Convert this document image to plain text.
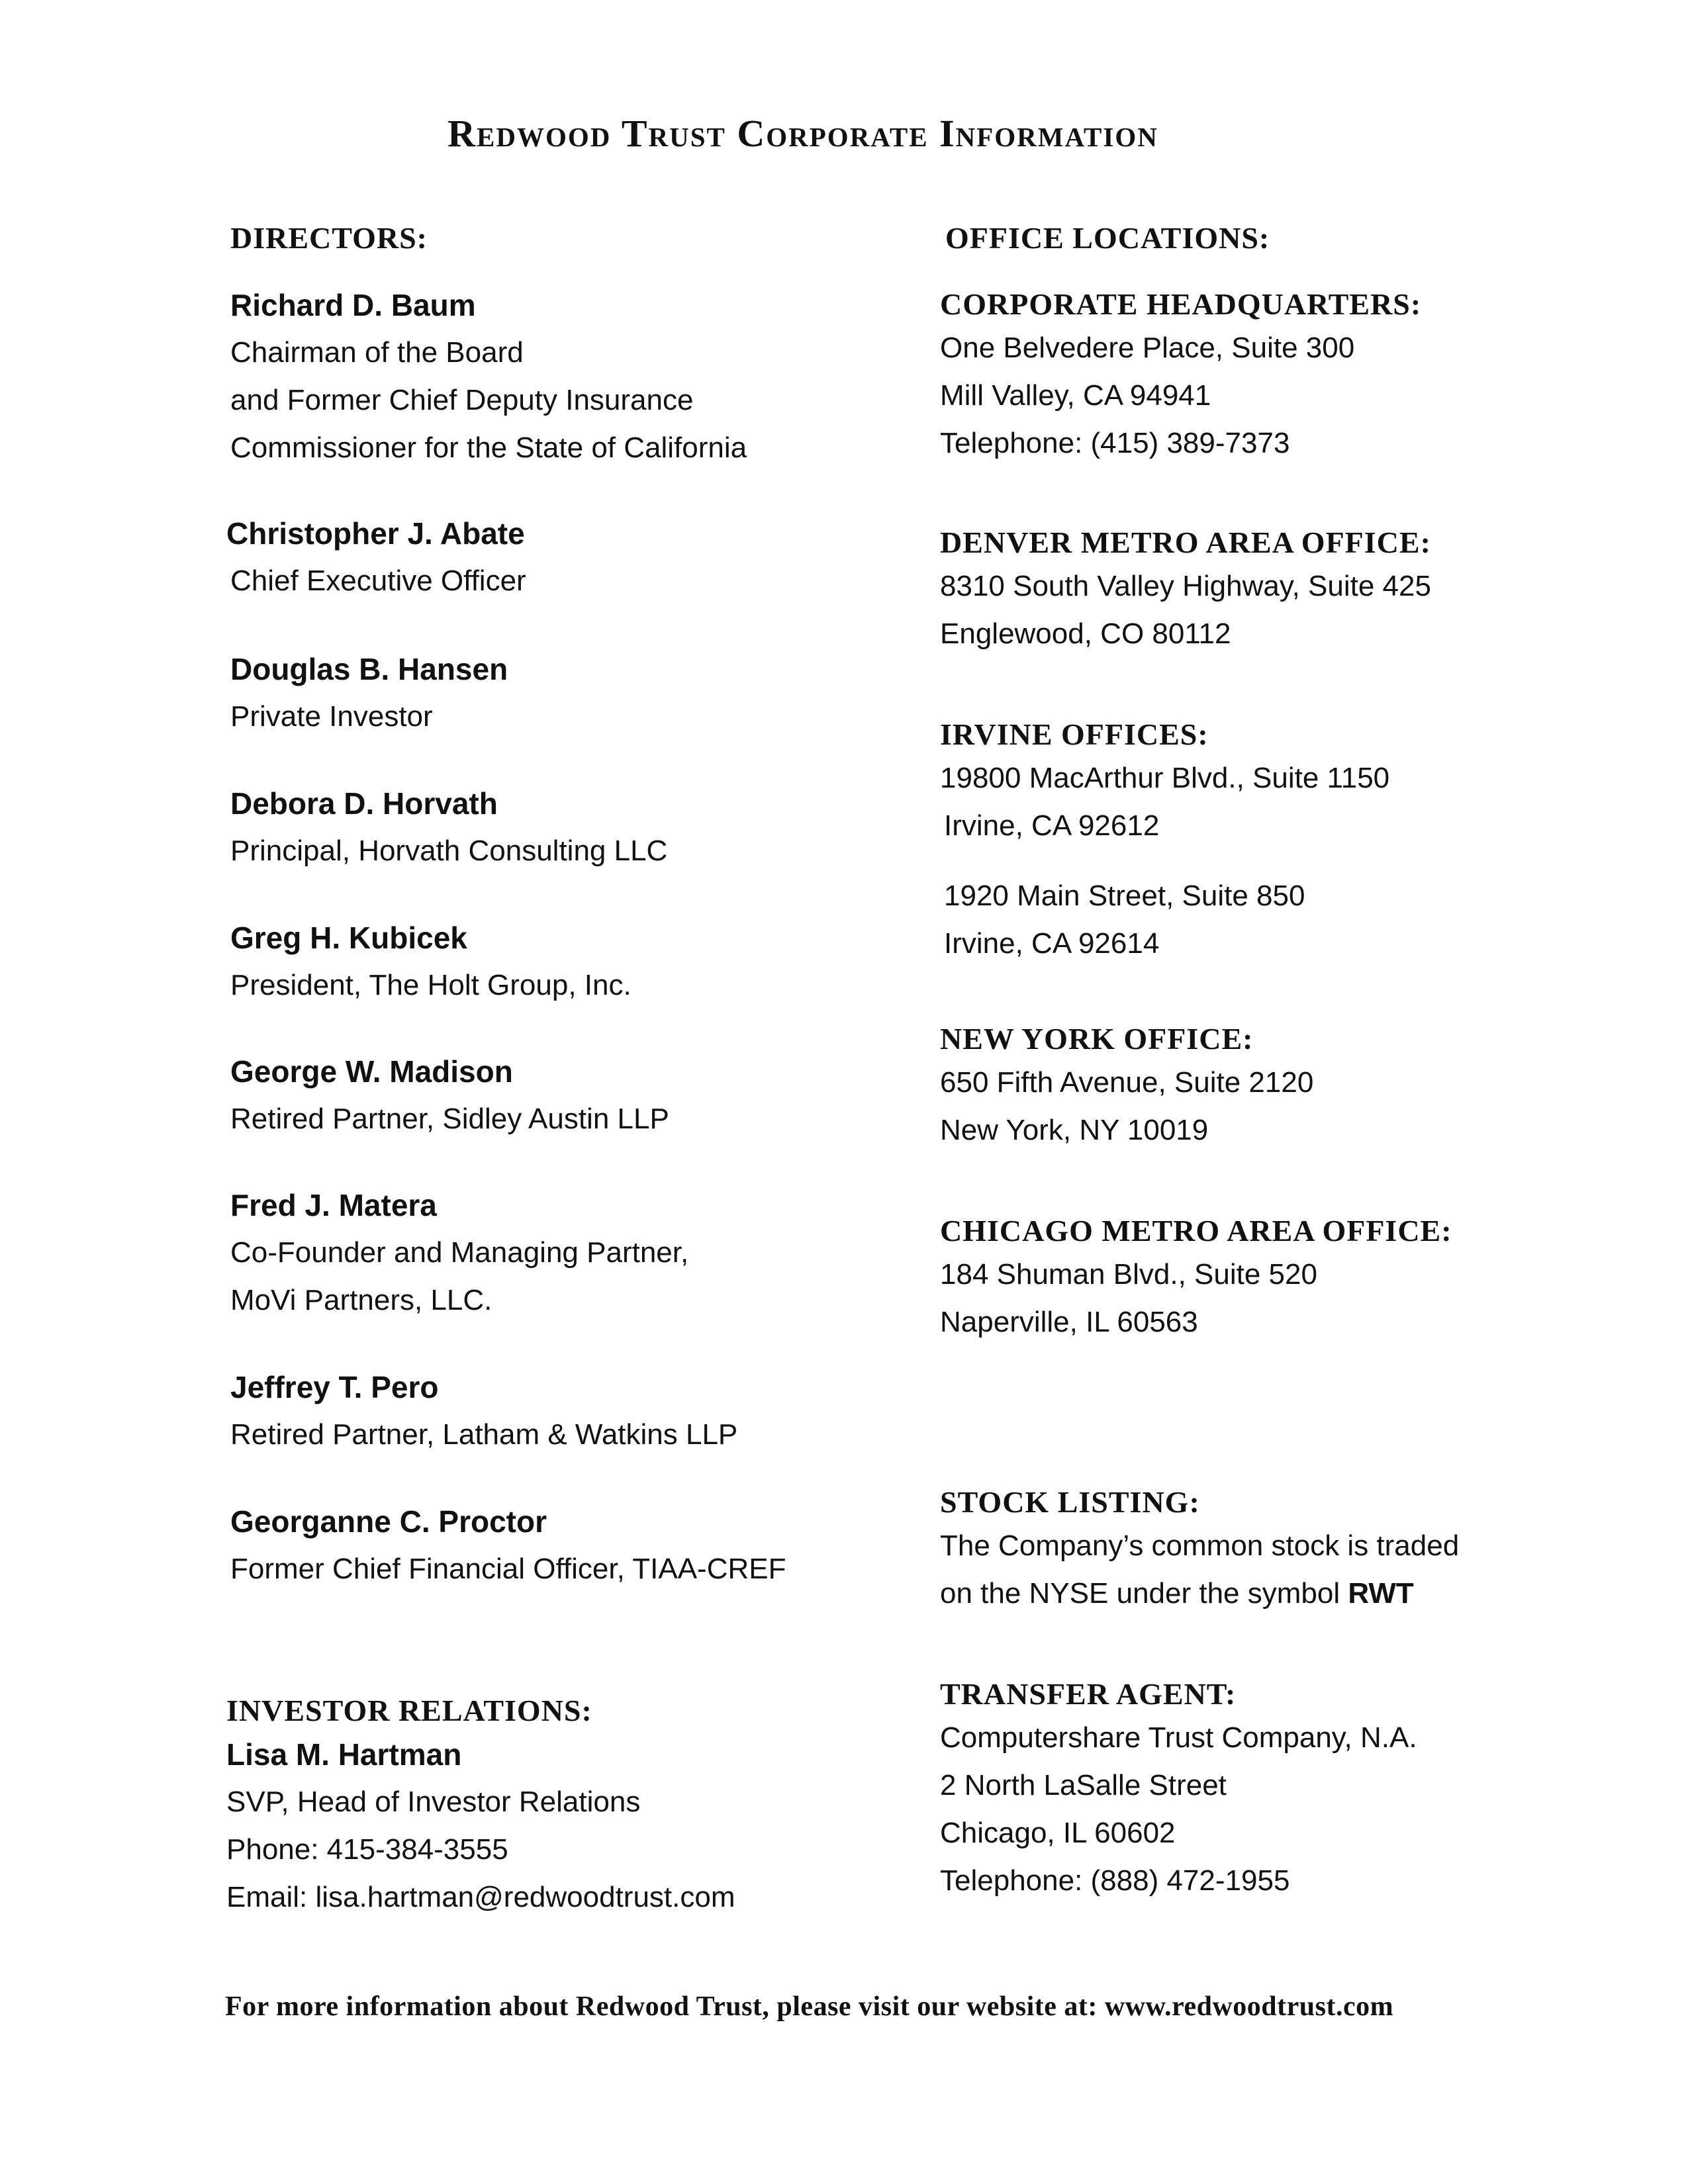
Redwood Trust Corporate Information
DIRECTORS:
Richard D. Baum
Chairman of the Board
and Former Chief Deputy Insurance
Commissioner for the State of California
Christopher J. Abate
Chief Executive Officer
Douglas B. Hansen
Private Investor
Debora D. Horvath
Principal, Horvath Consulting LLC
Greg H. Kubicek
President, The Holt Group, Inc.
George W. Madison
Retired Partner, Sidley Austin LLP
Fred J. Matera
Co-Founder and Managing Partner,
MoVi Partners, LLC.
Jeffrey T. Pero
Retired Partner, Latham & Watkins LLP
Georganne C. Proctor
Former Chief Financial Officer, TIAA-CREF
INVESTOR RELATIONS:
Lisa M. Hartman
SVP, Head of Investor Relations
Phone: 415-384-3555
Email: lisa.hartman@redwoodtrust.com
OFFICE LOCATIONS:
CORPORATE HEADQUARTERS:
One Belvedere Place, Suite 300
Mill Valley, CA 94941
Telephone: (415) 389-7373
DENVER METRO AREA OFFICE:
8310 South Valley Highway, Suite 425
Englewood, CO 80112
IRVINE OFFICES:
19800 MacArthur Blvd., Suite 1150
Irvine, CA 92612
1920 Main Street, Suite 850
Irvine, CA 92614
NEW YORK OFFICE:
650 Fifth Avenue, Suite 2120
New York, NY 10019
CHICAGO METRO AREA OFFICE:
184 Shuman Blvd., Suite 520
Naperville, IL 60563
STOCK LISTING:
The Company’s common stock is traded
on the NYSE under the symbol RWT
TRANSFER AGENT:
Computershare Trust Company, N.A.
2 North LaSalle Street
Chicago, IL 60602
Telephone: (888) 472-1955
For more information about Redwood Trust, please visit our website at: www.redwoodtrust.com
